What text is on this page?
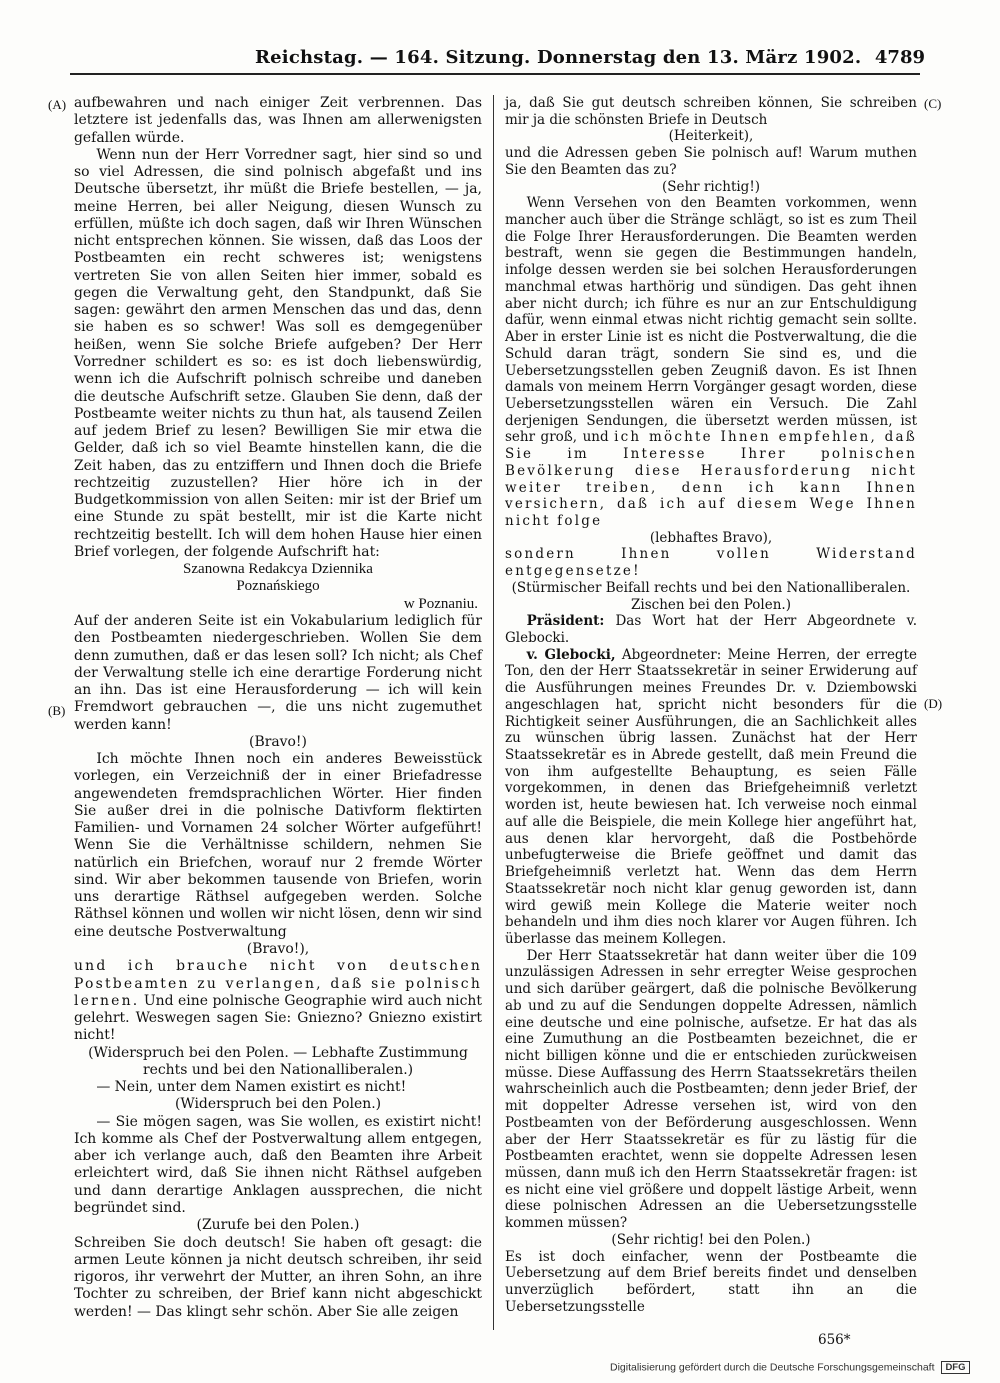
Reichstag. — 164. Sitzung. Donnerstag den 13. März 1902. 4789
(A)
(B)
(C)
(D)

aufbewahren und nach einiger Zeit verbrennen. Das letztere ist jedenfalls das, was Ihnen am allerwenigsten gefallen würde.

Wenn nun der Herr Vorredner sagt, hier sind so und so viel Adressen, die sind polnisch abgefaßt und ins Deutsche übersetzt, ihr müßt die Briefe bestellen, — ja, meine Herren, bei aller Neigung, diesen Wunsch zu erfüllen, müßte ich doch sagen, daß wir Ihren Wünschen nicht entsprechen können. Sie wissen, daß das Loos der Postbeamten ein recht schweres ist; wenigstens vertreten Sie von allen Seiten hier immer, sobald es gegen die Verwaltung geht, den Standpunkt, daß Sie sagen: gewährt den armen Menschen das und das, denn sie haben es so schwer! Was soll es demgegenüber heißen, wenn Sie solche Briefe aufgeben? Der Herr Vorredner schildert es so: es ist doch liebenswürdig, wenn ich die Aufschrift polnisch schreibe und daneben die deutsche Aufschrift setze. Glauben Sie denn, daß der Postbeamte weiter nichts zu thun hat, als tausend Zeilen auf jedem Brief zu lesen? Bewilligen Sie mir etwa die Gelder, daß ich so viel Beamte hinstellen kann, die die Zeit haben, das zu entziffern und Ihnen doch die Briefe rechtzeitig zuzustellen? Hier höre ich in der Budgetkommission von allen Seiten: mir ist der Brief um eine Stunde zu spät bestellt, mir ist die Karte nicht rechtzeitig bestellt. Ich will dem hohen Hause hier einen Brief vorlegen, der folgende Aufschrift hat:

Szanowna Redakcya Dziennika

Poznańskiego

w Poznaniu.

Auf der anderen Seite ist ein Vokabularium lediglich für den Postbeamten niedergeschrieben. Wollen Sie dem denn zumuthen, daß er das lesen soll? Ich nicht; als Chef der Verwaltung stelle ich eine derartige Forderung nicht an ihn. Das ist eine Herausforderung — ich will kein Fremdwort gebrauchen —, die uns nicht zugemuthet werden kann!

(Bravo!)

Ich möchte Ihnen noch ein anderes Beweisstück vorlegen, ein Verzeichniß der in einer Briefadresse angewendeten fremdsprachlichen Wörter. Hier finden Sie außer drei in die polnische Dativform flektirten Familien- und Vornamen 24 solcher Wörter aufgeführt! Wenn Sie die Verhältnisse schildern, nehmen Sie natürlich ein Briefchen, worauf nur 2 fremde Wörter sind. Wir aber bekommen tausende von Briefen, worin uns derartige Räthsel aufgegeben werden. Solche Räthsel können und wollen wir nicht lösen, denn wir sind eine deutsche Postverwaltung

(Bravo!),

und ich brauche nicht von deutschen Postbeamten zu verlangen, daß sie polnisch lernen. Und eine polnische Geographie wird auch nicht gelehrt. Weswegen sagen Sie: Gniezno? Gniezno existirt nicht!

(Widerspruch bei den Polen. — Lebhafte Zustimmung rechts und bei den Nationalliberalen.)

— Nein, unter dem Namen existirt es nicht!

(Widerspruch bei den Polen.)

— Sie mögen sagen, was Sie wollen, es existirt nicht! Ich komme als Chef der Postverwaltung allem entgegen, aber ich verlange auch, daß den Beamten ihre Arbeit erleichtert wird, daß Sie ihnen nicht Räthsel aufgeben und dann derartige Anklagen aussprechen, die nicht begründet sind.

(Zurufe bei den Polen.)

Schreiben Sie doch deutsch! Sie haben oft gesagt: die armen Leute können ja nicht deutsch schreiben, ihr seid rigoros, ihr verwehrt der Mutter, an ihren Sohn, an ihre Tochter zu schreiben, der Brief kann nicht abgeschickt werden! — Das klingt sehr schön. Aber Sie alle zeigen

ja, daß Sie gut deutsch schreiben können, Sie schreiben mir ja die schönsten Briefe in Deutsch

(Heiterkeit),

und die Adressen geben Sie polnisch auf! Warum muthen Sie den Beamten das zu?

(Sehr richtig!)

Wenn Versehen von den Beamten vorkommen, wenn mancher auch über die Stränge schlägt, so ist es zum Theil die Folge Ihrer Herausforderungen. Die Beamten werden bestraft, wenn sie gegen die Bestimmungen handeln, infolge dessen werden sie bei solchen Herausforderungen manchmal etwas harthörig und sündigen. Das geht ihnen aber nicht durch; ich führe es nur an zur Entschuldigung dafür, wenn einmal etwas nicht richtig gemacht sein sollte. Aber in erster Linie ist es nicht die Postverwaltung, die die Schuld daran trägt, sondern Sie sind es, und die Uebersetzungsstellen geben Zeugniß davon. Es ist Ihnen damals von meinem Herrn Vorgänger gesagt worden, diese Uebersetzungsstellen wären ein Versuch. Die Zahl derjenigen Sendungen, die übersetzt werden müssen, ist sehr groß, und ich möchte Ihnen empfehlen, daß Sie im Interesse Ihrer polnischen Bevölkerung diese Herausforderung nicht weiter treiben, denn ich kann Ihnen versichern, daß ich auf diesem Wege Ihnen nicht folge

(lebhaftes Bravo),

sondern Ihnen vollen Widerstand entgegensetze!

(Stürmischer Beifall rechts und bei den Nationalliberalen. Zischen bei den Polen.)

Präsident: Das Wort hat der Herr Abgeordnete v. Glebocki.

v. Glebocki, Abgeordneter: Meine Herren, der erregte Ton, den der Herr Staatssekretär in seiner Erwiderung auf die Ausführungen meines Freundes Dr. v. Dziembowski angeschlagen hat, spricht nicht besonders für die Richtigkeit seiner Ausführungen, die an Sachlichkeit alles zu wünschen übrig lassen. Zunächst hat der Herr Staatssekretär es in Abrede gestellt, daß mein Freund die von ihm aufgestellte Behauptung, es seien Fälle vorgekommen, in denen das Briefgeheimniß verletzt worden ist, heute bewiesen hat. Ich verweise noch einmal auf alle die Beispiele, die mein Kollege hier angeführt hat, aus denen klar hervorgeht, daß die Postbehörde unbefugterweise die Briefe geöffnet und damit das Briefgeheimniß verletzt hat. Wenn das dem Herrn Staatssekretär noch nicht klar genug geworden ist, dann wird gewiß mein Kollege die Materie weiter noch behandeln und ihm dies noch klarer vor Augen führen. Ich überlasse das meinem Kollegen.

Der Herr Staatssekretär hat dann weiter über die 109 unzulässigen Adressen in sehr erregter Weise gesprochen und sich darüber geärgert, daß die polnische Bevölkerung ab und zu auf die Sendungen doppelte Adressen, nämlich eine deutsche und eine polnische, aufsetze. Er hat das als eine Zumuthung an die Postbeamten bezeichnet, die er nicht billigen könne und die er entschieden zurückweisen müsse. Diese Auffassung des Herrn Staatssekretärs theilen wahrscheinlich auch die Postbeamten; denn jeder Brief, der mit doppelter Adresse versehen ist, wird von den Postbeamten von der Beförderung ausgeschlossen. Wenn aber der Herr Staatssekretär es für zu lästig für die Postbeamten erachtet, wenn sie doppelte Adressen lesen müssen, dann muß ich den Herrn Staatssekretär fragen: ist es nicht eine viel größere und doppelt lästige Arbeit, wenn diese polnischen Adressen an die Uebersetzungsstelle kommen müssen?

(Sehr richtig! bei den Polen.)

Es ist doch einfacher, wenn der Postbeamte die Uebersetzung auf dem Brief bereits findet und denselben unverzüglich befördert, statt ihn an die Uebersetzungsstelle

656*
Digitalisierung gefördert durch die Deutsche Forschungsgemeinschaft DFG
